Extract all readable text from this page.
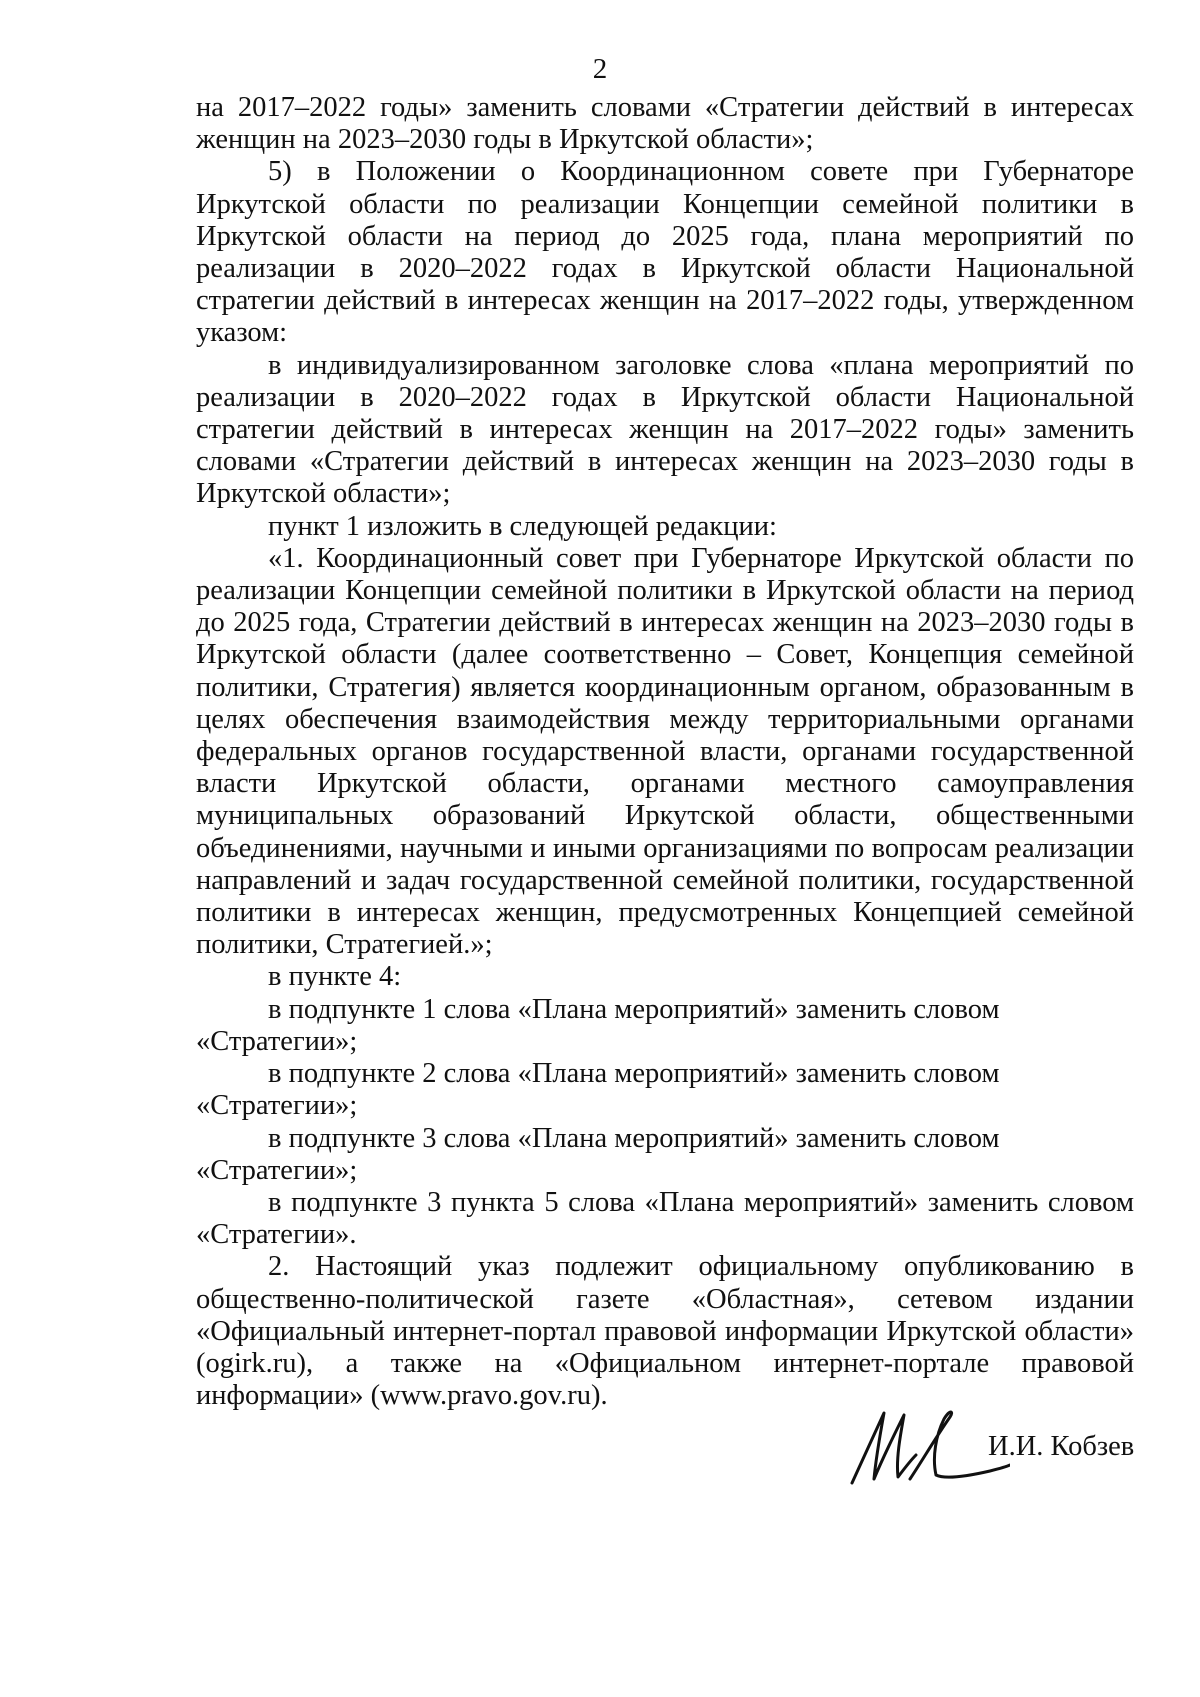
2

на 2017–2022 годы» заменить словами «Стратегии действий в интересах женщин на 2023–2030 годы в Иркутской области»;

5) в Положении о Координационном совете при Губернаторе Иркутской области по реализации Концепции семейной политики в Иркутской области на период до 2025 года, плана мероприятий по реализации в 2020–2022 годах в Иркутской области Национальной стратегии действий в интересах женщин на 2017–2022 годы, утвержденном указом:

в индивидуализированном заголовке слова «плана мероприятий по реализации в 2020–2022 годах в Иркутской области Национальной стратегии действий в интересах женщин на 2017–2022 годы» заменить словами «Стратегии действий в интересах женщин на 2023–2030 годы в Иркутской области»;

пункт 1 изложить в следующей редакции:

«1. Координационный совет при Губернаторе Иркутской области по реализации Концепции семейной политики в Иркутской области на период до 2025 года, Стратегии действий в интересах женщин на 2023–2030 годы в Иркутской области (далее соответственно – Совет, Концепция семейной политики, Стратегия) является координационным органом, образованным в целях обеспечения взаимодействия между территориальными органами федеральных органов государственной власти, органами государственной власти Иркутской области, органами местного самоуправления муниципальных образований Иркутской области, общественными объединениями, научными и иными организациями по вопросам реализации направлений и задач государственной семейной политики, государственной политики в интересах женщин, предусмотренных Концепцией семейной политики, Стратегией.»;

в пункте 4:

в подпункте 1 слова «Плана мероприятий» заменить словом «Стратегии»;

в подпункте 2 слова «Плана мероприятий» заменить словом «Стратегии»;

в подпункте 3 слова «Плана мероприятий» заменить словом «Стратегии»;

в подпункте 3 пункта 5 слова «Плана мероприятий» заменить словом «Стратегии».

2. Настоящий указ подлежит официальному опубликованию в общественно-политической газете «Областная», сетевом издании «Официальный интернет-портал правовой информации Иркутской области» (ogirk.ru), а также на «Официальном интернет-портале правовой информации» (www.pravo.gov.ru).

И.И. Кобзев
